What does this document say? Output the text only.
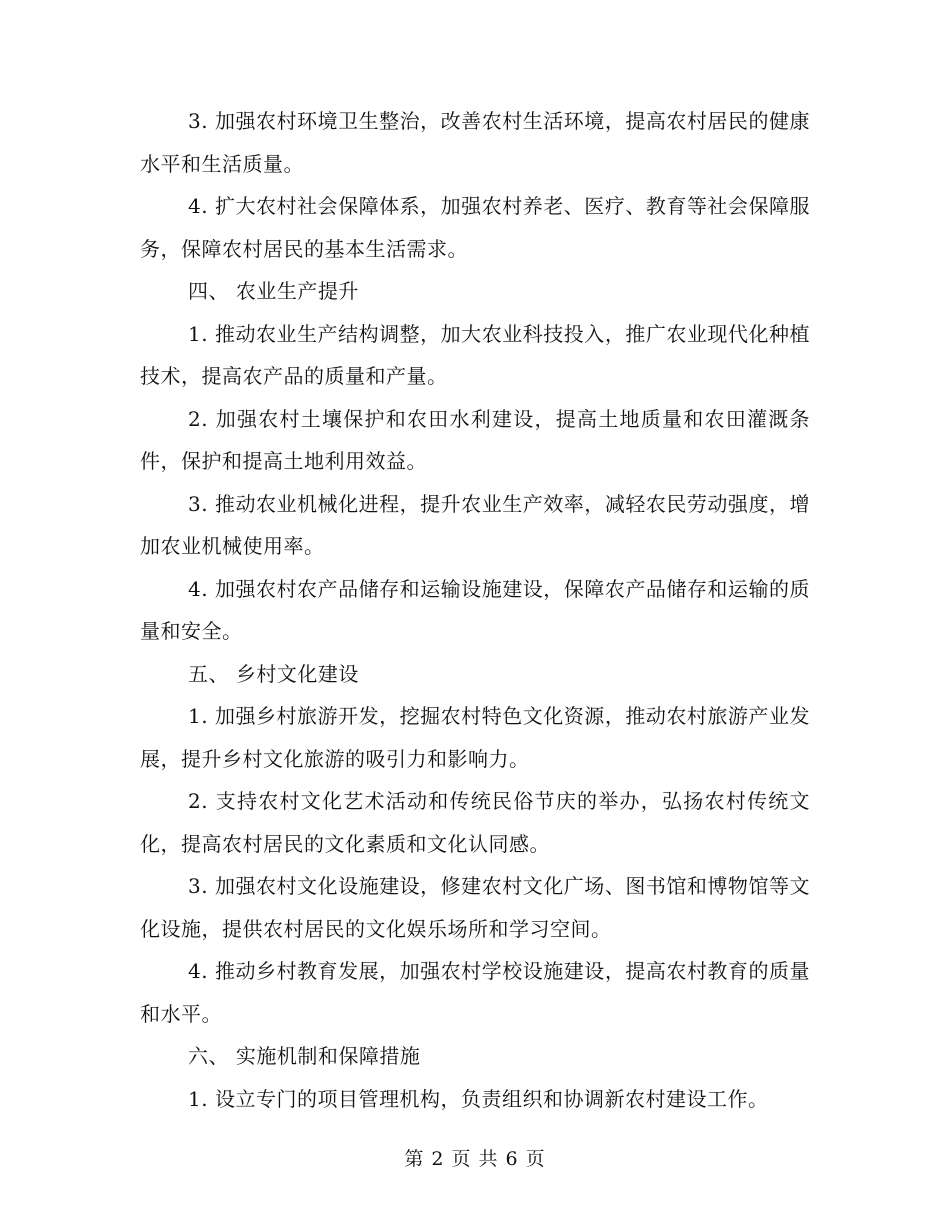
3. 加强农村环境卫生整治，改善农村生活环境，提高农村居民的健康水平和生活质量。

4. 扩大农村社会保障体系，加强农村养老、医疗、教育等社会保障服务，保障农村居民的基本生活需求。

四、 农业生产提升

1. 推动农业生产结构调整，加大农业科技投入，推广农业现代化种植技术，提高农产品的质量和产量。

2. 加强农村土壤保护和农田水利建设，提高土地质量和农田灌溉条件，保护和提高土地利用效益。

3. 推动农业机械化进程，提升农业生产效率，减轻农民劳动强度，增加农业机械使用率。

4. 加强农村农产品储存和运输设施建设，保障农产品储存和运输的质量和安全。

五、 乡村文化建设

1. 加强乡村旅游开发，挖掘农村特色文化资源，推动农村旅游产业发展，提升乡村文化旅游的吸引力和影响力。

2. 支持农村文化艺术活动和传统民俗节庆的举办，弘扬农村传统文化，提高农村居民的文化素质和文化认同感。

3. 加强农村文化设施建设，修建农村文化广场、图书馆和博物馆等文化设施，提供农村居民的文化娱乐场所和学习空间。

4. 推动乡村教育发展，加强农村学校设施建设，提高农村教育的质量和水平。

六、 实施机制和保障措施

1. 设立专门的项目管理机构，负责组织和协调新农村建设工作。

第 2 页 共 6 页
